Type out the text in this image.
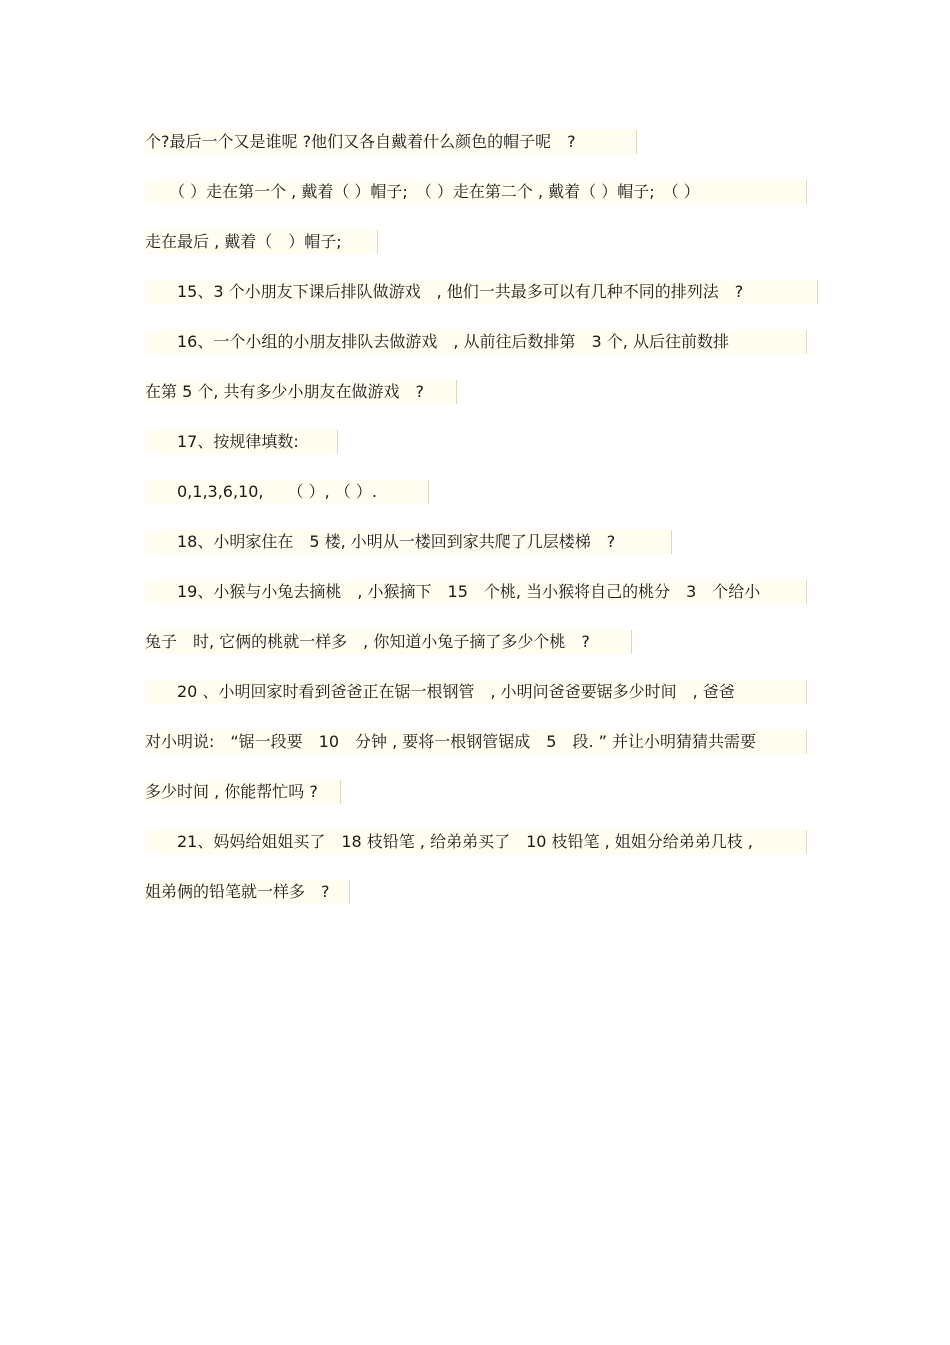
个?最后一个又是谁呢 ?他们又各自戴着什么颜色的帽子呢　?
　　（ ）走在第一个 , 戴着（ ）帽子;　（ ）走在第二个 , 戴着（ ）帽子;　（ ）
走在最后 , 戴着（　）帽子;
　　15、3 个小朋友下课后排队做游戏　, 他们一共最多可以有几种不同的排列法　?
　　16、一个小组的小朋友排队去做游戏　, 从前往后数排第　3 个, 从后往前数排
在第 5 个, 共有多少小朋友在做游戏　?
　　17、按规律填数:
　　0,1,3,6,10,　　（ ）, （ ）.
　　18、小明家住在　5 楼, 小明从一楼回到家共爬了几层楼梯　?
　　19、小猴与小兔去摘桃　, 小猴摘下　15　个桃, 当小猴将自己的桃分　3　个给小
兔子　时, 它俩的桃就一样多　, 你知道小兔子摘了多少个桃　?
　　20 、小明回家时看到爸爸正在锯一根钢管　, 小明问爸爸要锯多少时间　, 爸爸
对小明说:　“锯一段要　10　分钟 , 要将一根钢管锯成　5　段. ” 并让小明猜猜共需要
多少时间 , 你能帮忙吗 ?
　　21、妈妈给姐姐买了　18 枝铅笔 , 给弟弟买了　10 枝铅笔 , 姐姐分给弟弟几枝 ,
姐弟俩的铅笔就一样多　?
